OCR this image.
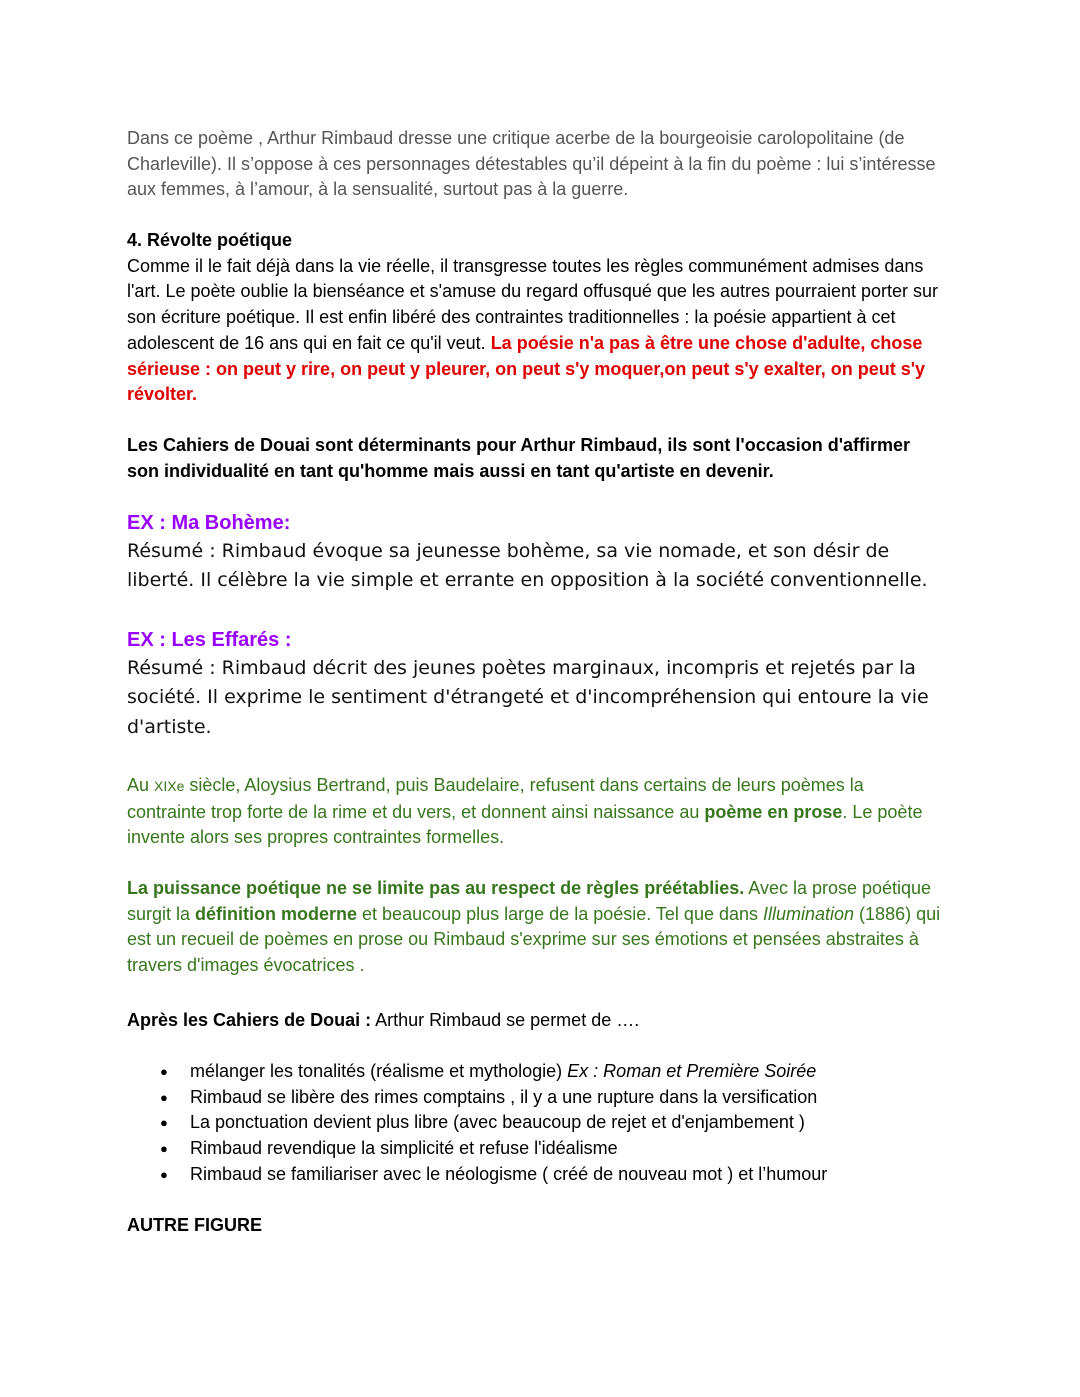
Dans ce poème , Arthur Rimbaud dresse une critique acerbe de la bourgeoisie carolopolitaine (de Charleville). Il s’oppose à ces personnages détestables qu’il dépeint à la fin du poème : lui s’intéresse aux femmes, à l’amour, à la sensualité, surtout pas à la guerre.

4. Révolte poétique
Comme il le fait déjà dans la vie réelle, il transgresse toutes les règles communément admises dans l'art. Le poète oublie la bienséance et s'amuse du regard offusqué que les autres pourraient porter sur son écriture poétique. Il est enfin libéré des contraintes traditionnelles : la poésie appartient à cet adolescent de 16 ans qui en fait ce qu'il veut. La poésie n'a pas à être une chose d'adulte, chose sérieuse : on peut y rire, on peut y pleurer, on peut s'y moquer,on peut s'y exalter, on peut s'y révolter.

Les Cahiers de Douai sont déterminants pour Arthur Rimbaud, ils sont l'occasion d'affirmer son individualité en tant qu'homme mais aussi en tant qu'artiste en devenir.

EX : Ma Bohème:
Résumé : Rimbaud évoque sa jeunesse bohème, sa vie nomade, et son désir de liberté. Il célèbre la vie simple et errante en opposition à la société conventionnelle.
EX : Les Effarés :
Résumé : Rimbaud décrit des jeunes poètes marginaux, incompris et rejetés par la société. Il exprime le sentiment d'étrangeté et d'incompréhension qui entoure la vie d'artiste.

Au XIXe siècle, Aloysius Bertrand, puis Baudelaire, refusent dans certains de leurs poèmes la contrainte trop forte de la rime et du vers, et donnent ainsi naissance au poème en prose. Le poète invente alors ses propres contraintes formelles.

La puissance poétique ne se limite pas au respect de règles préétablies. Avec la prose poétique surgit la définition moderne et beaucoup plus large de la poésie. Tel que dans Illumination (1886) qui est un recueil de poèmes en prose ou Rimbaud s'exprime sur ses émotions et pensées abstraites à travers d'images évocatrices .

Après les Cahiers de Douai : Arthur Rimbaud se permet de ….

● mélanger les tonalités (réalisme et mythologie) Ex : Roman et Première Soirée
● Rimbaud se libère des rimes comptains , il y a une rupture dans la versification
● La ponctuation devient plus libre (avec beaucoup de rejet et d'enjambement )
● Rimbaud revendique la simplicité et refuse l'idéalisme
● Rimbaud se familiariser avec le néologisme ( créé de nouveau mot ) et l’humour
AUTRE FIGURE
